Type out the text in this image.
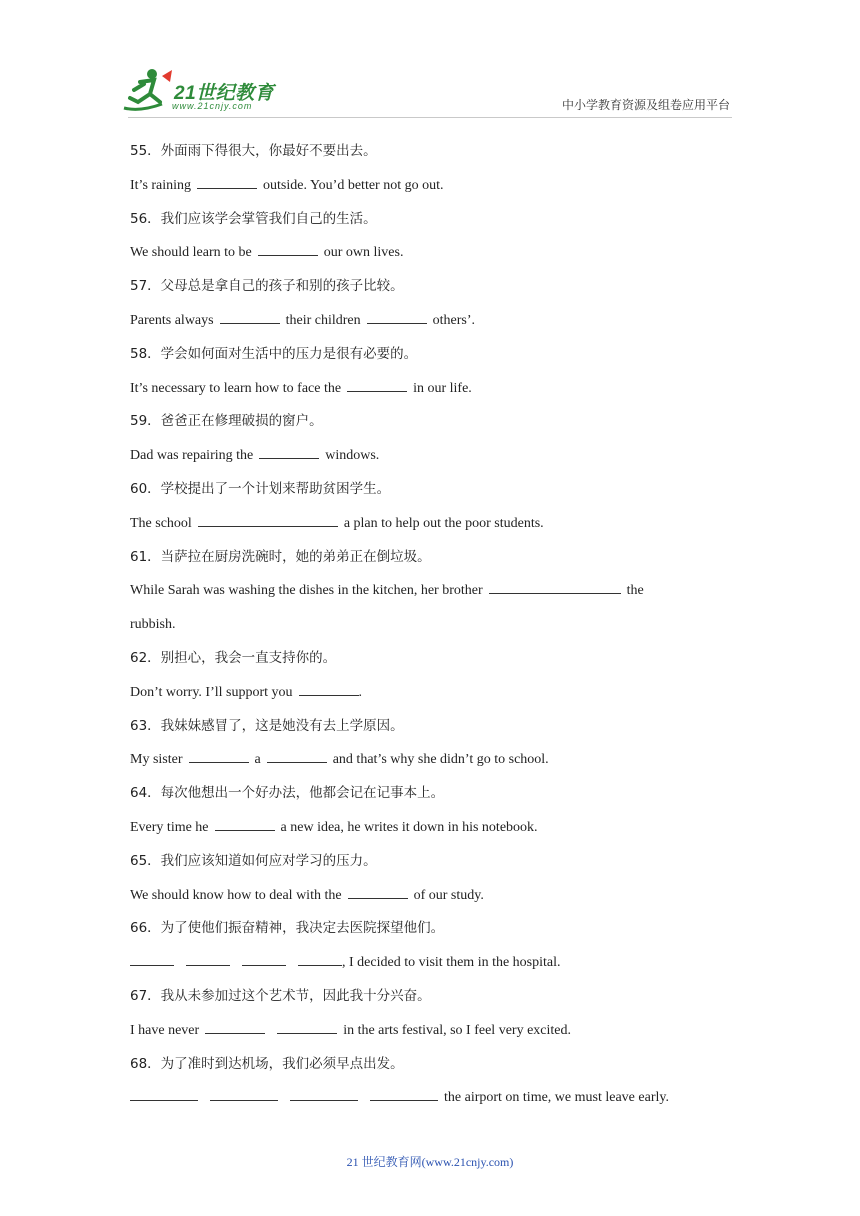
21世纪教育
www.21cnjy.com	中小学教育资源及组卷应用平台
55．外面雨下得很大，你最好不要出去。
It’s raining	outside. You’d better not go out.
56．我们应该学会掌管我们自己的生活。
We should learn to be	our own lives.
57．父母总是拿自己的孩子和别的孩子比较。
Parents always	their children	others’.
58．学会如何面对生活中的压力是很有必要的。
It’s necessary to learn how to face the	in our life.
59．爸爸正在修理破损的窗户。
Dad was repairing the	windows.
60．学校提出了一个计划来帮助贫困学生。
The school	a plan to help out the poor students.
61．当萨拉在厨房洗碗时，她的弟弟正在倒垃圾。
While Sarah was washing the dishes in the kitchen, her brother	the
rubbish.
62．别担心，我会一直支持你的。
Don’t worry. I’ll support you	.
63．我妹妹感冒了，这是她没有去上学原因。
My sister	a	and that’s why she didn’t go to school.
64．每次他想出一个好办法，他都会记在记事本上。
Every time he	a new idea, he writes it down in his notebook.
65．我们应该知道如何应对学习的压力。
We should know how to deal with the	of our study.
66．为了使他们振奋精神，我决定去医院探望他们。
, I decided to visit them in the hospital.
67．我从未参加过这个艺术节，因此我十分兴奋。
I have never	in the arts festival, so I feel very excited.
68．为了准时到达机场，我们必须早点出发。
the airport on time, we must leave early.
21 世纪教育网(www.21cnjy.com)
